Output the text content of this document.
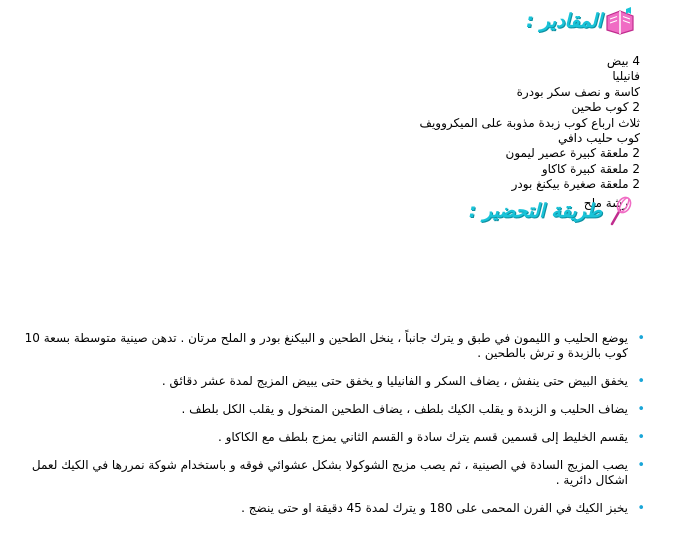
المقادير :
4 بيض
فانيليا
كاسة و نصف سكر بودرة
2 كوب طحين
ثلاث ارباع كوب زبدة مذوبة على الميكروويف
كوب حليب دافي
2 ملعقة كبيرة عصير ليمون
2 ملعقة كبيرة كاكاو
2 ملعقة صغيرة بيكنغ بودر
رشة ملح
طريقة التحضير :
•
يوضع الحليب و الليمون في طبق و يترك جانباً ، ينخل الطحين و البيكنغ بودر و الملح مرتان . تدهن صينية متوسطة بسعة 10 كوب بالزبدة و ترش بالطحين .
•
يخفق البيض حتى ينفش ، يضاف السكر و الفانيليا و يخفق حتى يبيض المزيج لمدة عشر دقائق .
•
يضاف الحليب و الزبدة و يقلب الكيك بلطف ، يضاف الطحين المنخول و يقلب الكل بلطف .
•
يقسم الخليط إلى قسمين قسم يترك سادة و القسم الثاني يمزج بلطف مع الكاكاو .
•
يصب المزيج السادة في الصينية ، ثم يصب مزيج الشوكولا بشكل عشوائي فوقه و باستخدام شوكة نمررها في الكيك لعمل اشكال دائرية .
•
يخبز الكيك في الفرن المحمى على 180 و يترك لمدة 45 دقيقة او حتى ينضج .
